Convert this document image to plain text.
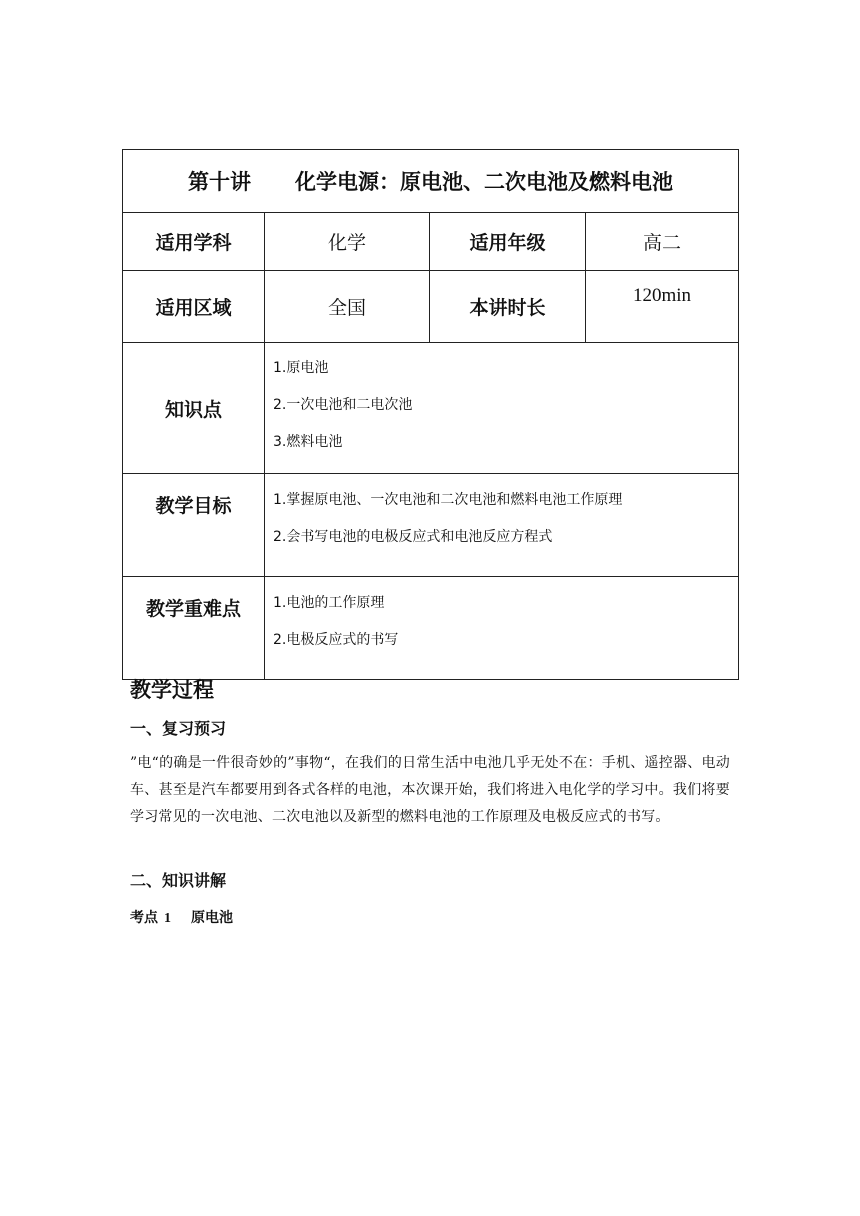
第十讲 化学电源：原电池、二次电池及燃料电池			
适用学科	化学	适用年级	高二
适用区域	全国	本讲时长	120min
知识点	1.原电池
2.一次电池和二电次池
3.燃料电池		

教学目标	1.掌握原电池、一次电池和二次电池和燃料电池工作原理
2.会书写电池的电极反应式和电池反应方程式		

教学重难点	1.电池的工作原理
2.电极反应式的书写		
教学过程
一、复习预习
”电“的确是一件很奇妙的”事物“，在我们的日常生活中电池几乎无处不在：手机、遥控器、电动车、甚至是汽车都要用到各式各样的电池，本次课开始，我们将进入电化学的学习中。我们将要学习常见的一次电池、二次电池以及新型的燃料电池的工作原理及电极反应式的书写。
二、知识讲解
考点 1 原电池
